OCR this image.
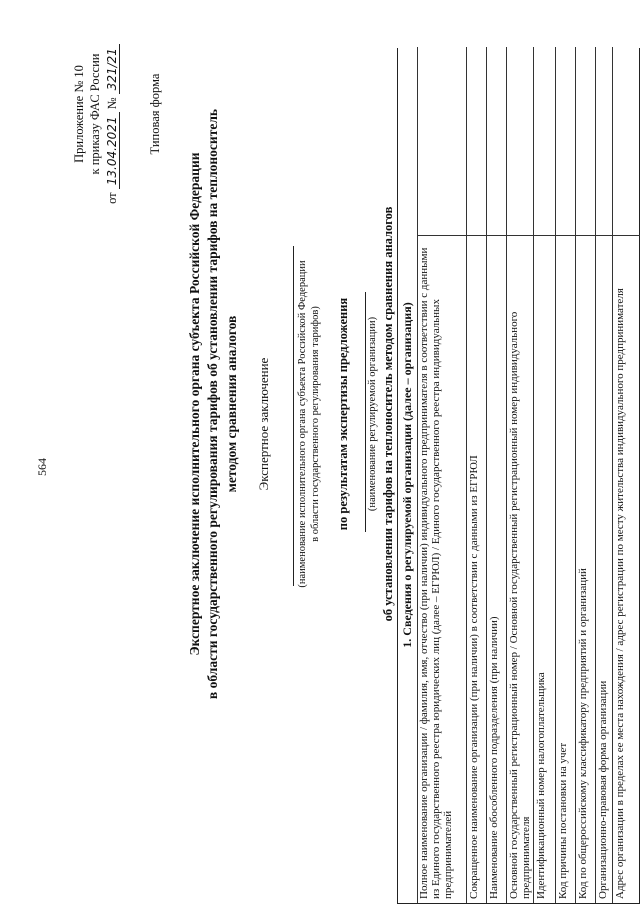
564
Приложение № 10 к приказу ФАС России
от 13.04.2021 № 321/21
Типовая форма
Экспертное заключение исполнительного органа субъекта Российской Федерации в области государственного регулирования тарифов об установлении тарифов на теплоноситель методом сравнения аналогов Экспертное заключение (наименование исполнительного органа субъекта Российской Федерации в области государственного регулирования тарифов) по результатам экспертизы предложения (наименование регулируемой организации) об установлении тарифов на теплоноситель методом сравнения аналогов 1. Сведения о регулируемой организации (далее – организация) Полное наименование организации / фамилия, имя, отчество (при наличии) индивидуального предпринимателя в соответствии с данными из Единого государственного реестра юридических лиц (далее – ЕГРЮЛ) / Единого государственного реестра индивидуальных предпринимателей	Сокращенное наименование организации (при наличии) в соответствии с данными из ЕГРЮЛ Наименование обособленного подразделения (при наличии) Основной государственный регистрационный номер / Основной государственный регистрационный номер индивидуального предпринимателя Идентификационный номер налогоплательщика Код причины постановки на учет Код по общероссийскому классификатору предприятий и организаций Организационно-правовая форма организации Адрес организации в пределах ее места нахождения / адрес регистрации по месту жительства индивидуального предпринимателя
